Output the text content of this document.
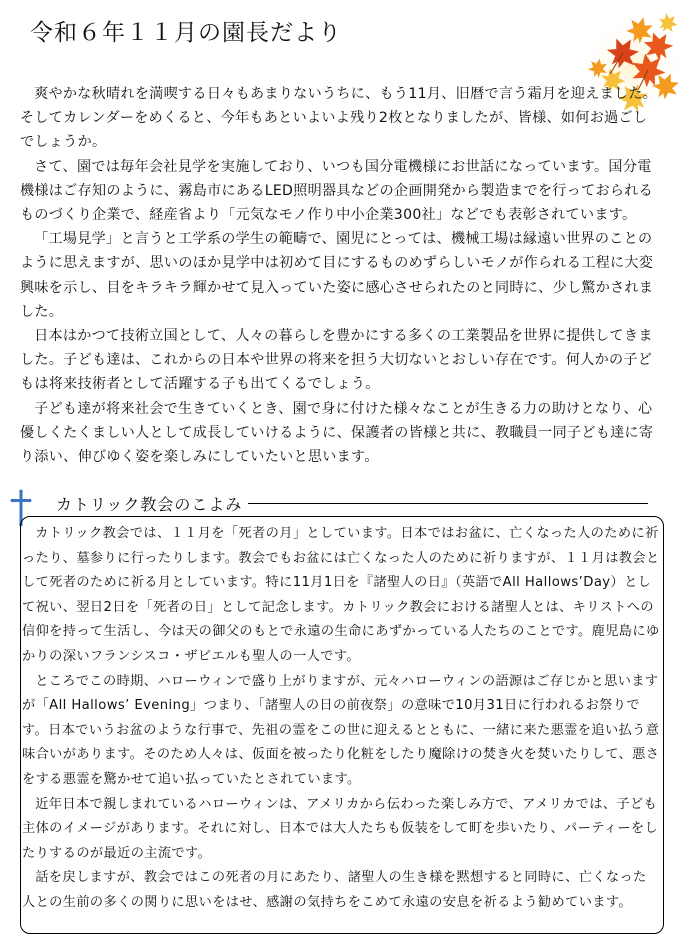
令和６年１１月の園長だより

爽やかな秋晴れを満喫する日々もあまりないうちに、もう11月、旧暦で言う霜月を迎えました。そしてカレンダーをめくると、今年もあといよいよ残り2枚となりましたが、皆様、如何お過ごしでしょうか。

さて、園では毎年会社見学を実施しており、いつも国分電機様にお世話になっています。国分電機様はご存知のように、霧島市にあるLED照明器具などの企画開発から製造までを行っておられるものづくり企業で、経産省より「元気なモノ作り中小企業300社」などでも表彰されています。

「工場見学」と言うと工学系の学生の範疇で、園児にとっては、機械工場は縁遠い世界のことのように思えますが、思いのほか見学中は初めて目にするものめずらしいモノが作られる工程に大変興味を示し、目をキラキラ輝かせて見入っていた姿に感心させられたのと同時に、少し驚かされました。

日本はかつて技術立国として、人々の暮らしを豊かにする多くの工業製品を世界に提供してきました。子ども達は、これからの日本や世界の将来を担う大切ないとおしい存在です。何人かの子どもは将来技術者として活躍する子も出てくるでしょう。

子ども達が将来社会で生きていくとき、園で身に付けた様々なことが生きる力の助けとなり、心優しくたくましい人として成長していけるように、保護者の皆様と共に、教職員一同子ども達に寄り添い、伸びゆく姿を楽しみにしていたいと思います。

カトリック教会のこよみ

カトリック教会では、１１月を「死者の月」としています。日本ではお盆に、亡くなった人のために祈ったり、墓参りに行ったりします。教会でもお盆には亡くなった人のために祈りますが、１１月は教会として死者のために祈る月としています。特に11月1日を『諸聖人の日』（英語でAll Hallows’Day）として祝い、翌日2日を「死者の日」として記念します。カトリック教会における諸聖人とは、キリストへの信仰を持って生活し、今は天の御父のもとで永遠の生命にあずかっている人たちのことです。鹿児島にゆかりの深いフランシスコ・ザビエルも聖人の一人です。

ところでこの時期、ハローウィンで盛り上がりますが、元々ハローウィンの語源はご存じかと思いますが「All Hallows’ Evening」つまり、「諸聖人の日の前夜祭」の意味で10月31日に行われるお祭りです。日本でいうお盆のような行事で、先祖の霊をこの世に迎えるとともに、一緒に来た悪霊を追い払う意味合いがあります。そのため人々は、仮面を被ったり化粧をしたり魔除けの焚き火を焚いたりして、悪さをする悪霊を驚かせて追い払っていたとされています。

近年日本で親しまれているハローウィンは、アメリカから伝わった楽しみ方で、アメリカでは、子ども主体のイメージがあります。それに対し、日本では大人たちも仮装をして町を歩いたり、パーティーをしたりするのが最近の主流です。

話を戻しますが、教会ではこの死者の月にあたり、諸聖人の生き様を黙想すると同時に、亡くなった人との生前の多くの関りに思いをはせ、感謝の気持ちをこめて永遠の安息を祈るよう勧めています。
